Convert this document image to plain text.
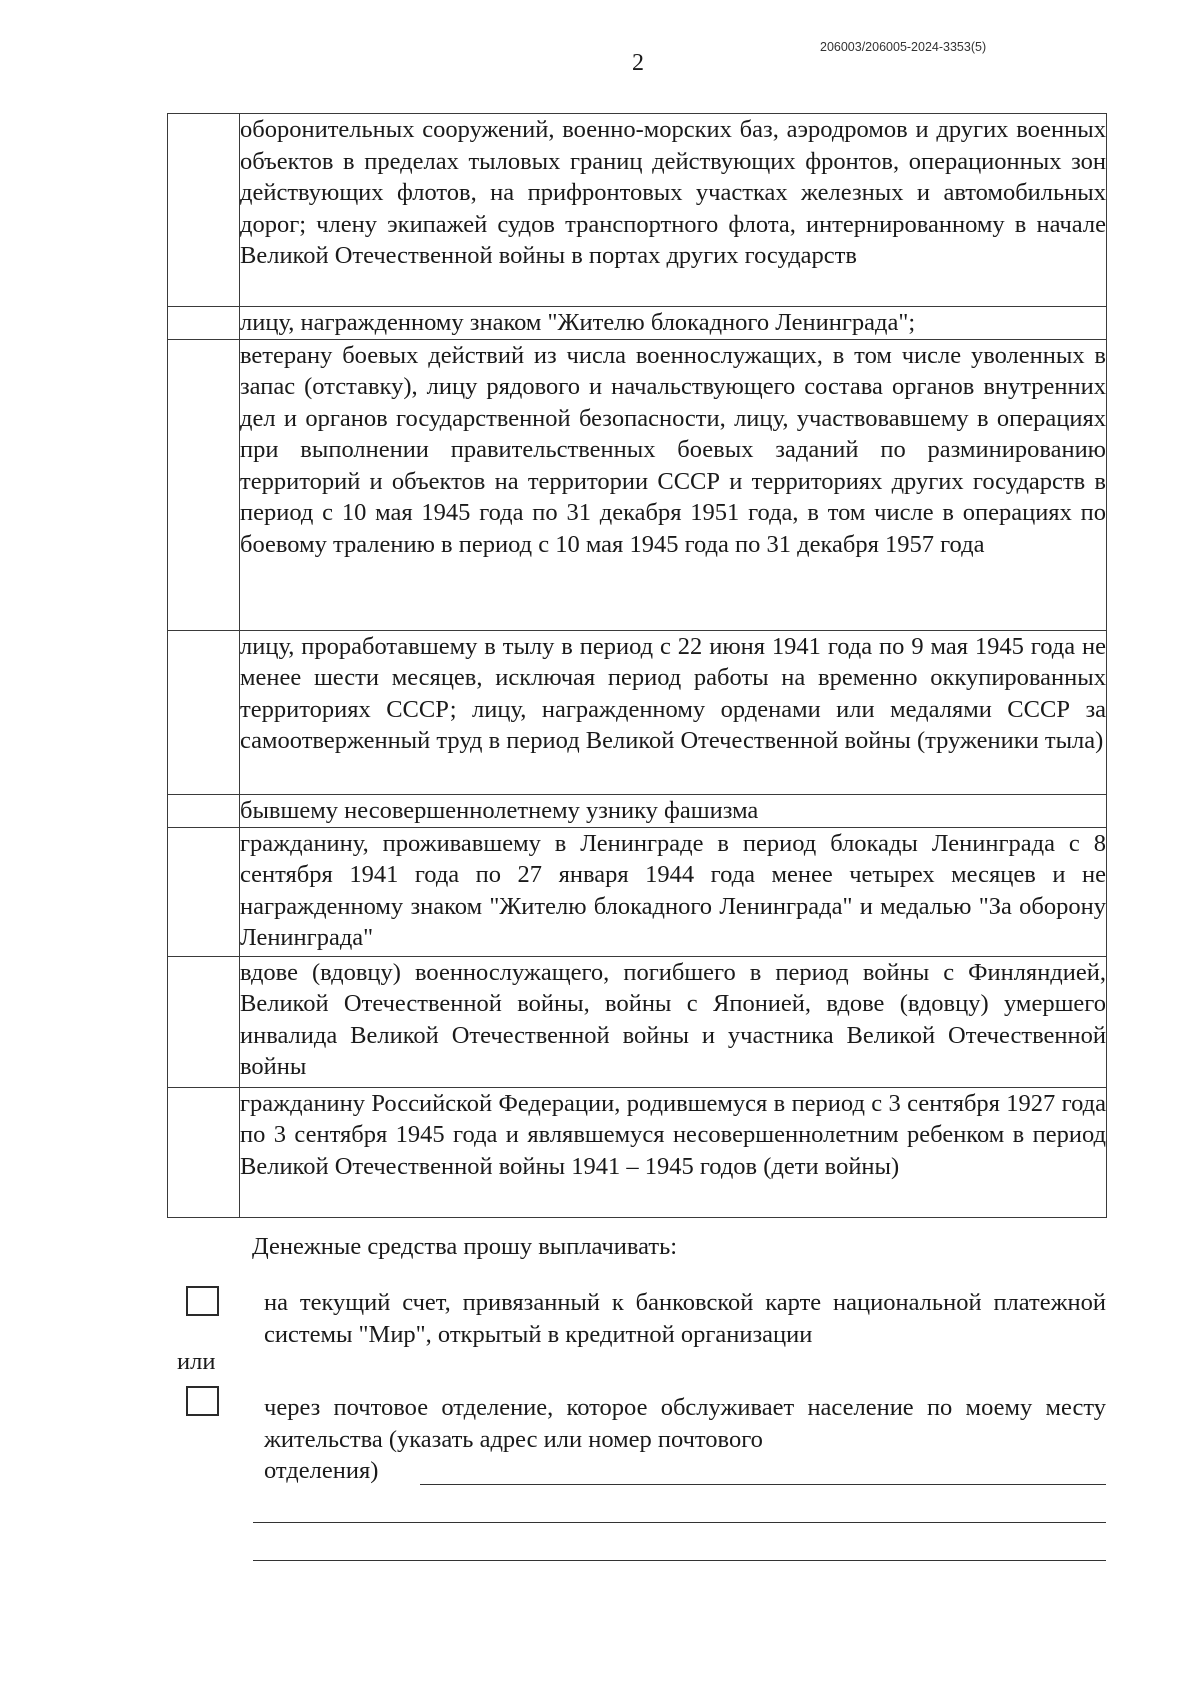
206003/206005-2024-3353(5)
2
	оборонительных сооружений, военно-морских баз, аэродромов и других военных объектов в пределах тыловых границ действующих фронтов, операционных зон действующих флотов, на прифронтовых участках железных и автомобильных дорог; члену экипажей судов транспортного флота, интернированному в начале Великой Отечественной войны в портах других государств
	лицу, награжденному знаком "Жителю блокадного Ленинграда";
	ветерану боевых действий из числа военнослужащих, в том числе уволенных в запас (отставку), лицу рядового и начальствующего состава органов внутренних дел и органов государственной безопасности, лицу, участвовавшему в операциях при выполнении правительственных боевых заданий по разминированию территорий и объектов на территории СССР и территориях других государств в период с 10 мая 1945 года по 31 декабря 1951 года, в том числе в операциях по боевому тралению в период с 10 мая 1945 года по 31 декабря 1957 года
	лицу, проработавшему в тылу в период с 22 июня 1941 года по 9 мая 1945 года не менее шести месяцев, исключая период работы на временно оккупированных территориях СССР; лицу, награжденному орденами или медалями СССР за самоотверженный труд в период Великой Отечественной войны (труженики тыла)
	бывшему несовершеннолетнему узнику фашизма
	гражданину, проживавшему в Ленинграде в период блокады Ленинграда с 8 сентября 1941 года по 27 января 1944 года менее четырех месяцев и не награжденному знаком "Жителю блокадного Ленинграда" и медалью "За оборону Ленинграда"
	вдове (вдовцу) военнослужащего, погибшего в период войны с Финляндией, Великой Отечественной войны, войны с Японией, вдове (вдовцу) умершего инвалида Великой Отечественной войны и участника Великой Отечественной войны
	гражданину Российской Федерации, родившемуся в период с 3 сентября 1927 года по 3 сентября 1945 года и являвшемуся несовершеннолетним ребенком в период Великой Отечественной войны 1941 – 1945 годов (дети войны)
Денежные средства прошу выплачивать:
на текущий счет, привязанный к банковской карте национальной платежной системы "Мир", открытый в кредитной организации
или
через почтовое отделение, которое обслуживает население по моему месту жительства (указать адрес или номер почтового
отделения)
